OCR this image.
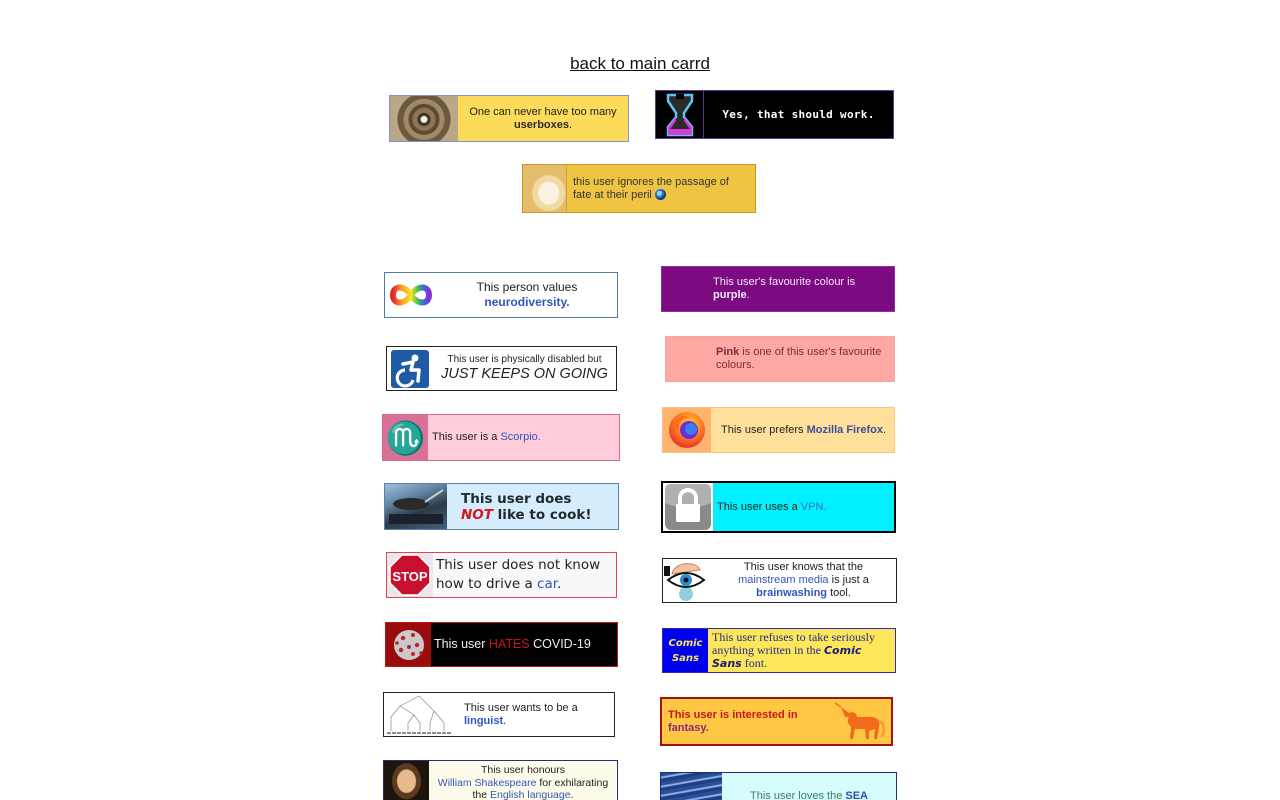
back to main carrd
One can never have too many
userboxes.
Yes, that should work.
this user ignores the passage of fate at their peril
This person values
neurodiversity.
This user is physically disabled but
JUST KEEPS ON GOING
♏ This user is a Scorpio.
This user does
NOT like to cook!
STOP
This user does not know how to drive a car.
This user HATES COVID-19
This user wants to be a
linguist.
This user honours
William Shakespeare for exhilarating the English language.
This user's favourite colour is
purple.
Pink is one of this user's favourite colours.
This user prefers Mozilla Firefox.
This user uses a VPN.
This user knows that the mainstream media is just a brainwashing tool.
Comic
Sans
This user refuses to take seriously anything written in the Comic Sans font.
This user is interested in
fantasy.
This user loves the SEA
